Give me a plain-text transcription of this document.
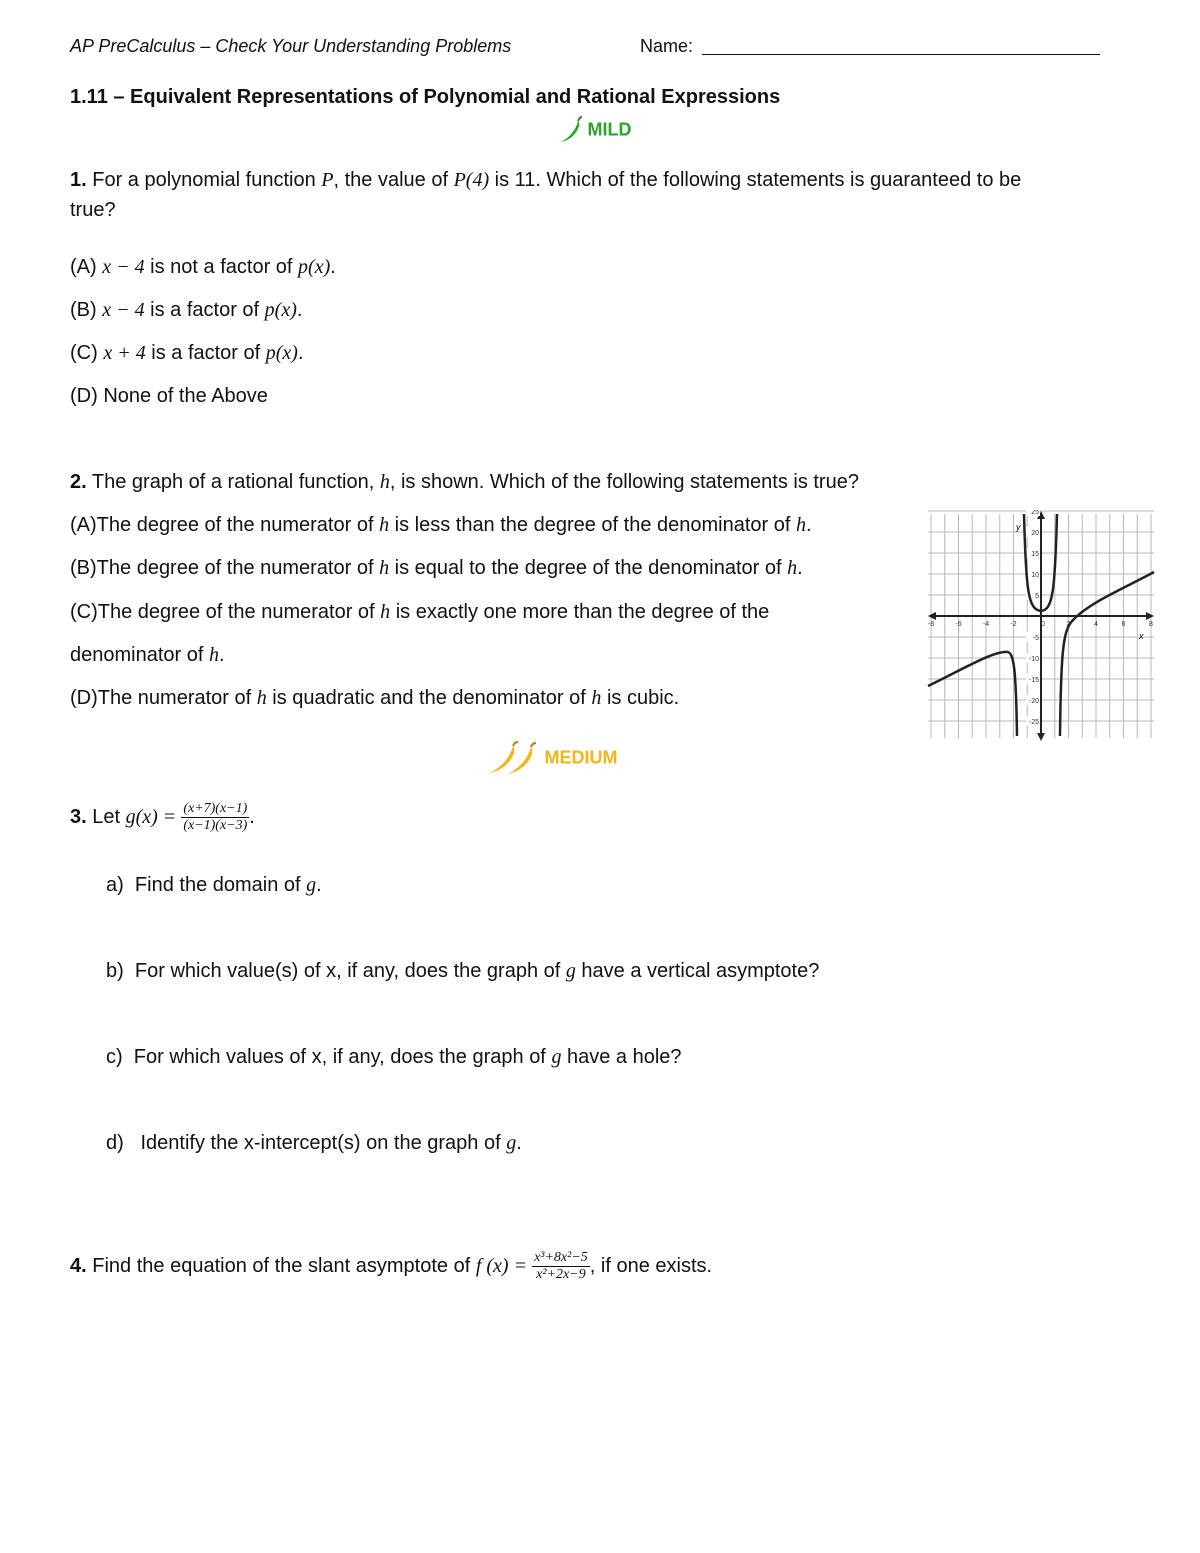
AP PreCalculus – Check Your Understanding Problems	Name:
1.11 – Equivalent Representations of Polynomial and Rational Expressions
MILD
1. For a polynomial function P, the value of P(4) is 11. Which of the following statements is guaranteed to be
true?
(A) x − 4 is not a factor of p(x).
(B) x − 4 is a factor of p(x).
(C) x + 4 is a factor of p(x).
(D) None of the Above
2. The graph of a rational function, h, is shown. Which of the following statements is true?
(A)The degree of the numerator of h is less than the degree of the denominator of h.
(B)The degree of the numerator of h is equal to the degree of the denominator of h.
(C)The degree of the numerator of h is exactly one more than the degree of the
denominator of h.
(D)The numerator of h is quadratic and the denominator of h is cubic.
-8	-6	-4	-2	0	2	4	6	8
25
20
15
10
5
-5
-10
-15
-20
-25
x
y
MEDIUM
3. Let $g(x) = \frac{(x+7)(x-1)}{(x-1)(x-3)}$ .
a) Find the domain of g.
b) For which value(s) of x, if any, does the graph of g have a vertical asymptote?
c) For which values of x, if any, does the graph of g have a hole?
d) Identify the x-intercept(s) on the graph of g.
4. Find the equation of the slant asymptote of f $(x) = \frac{\text{x³+8x²−5}}{\text{x²+2x−9}}$ , if one exists.
